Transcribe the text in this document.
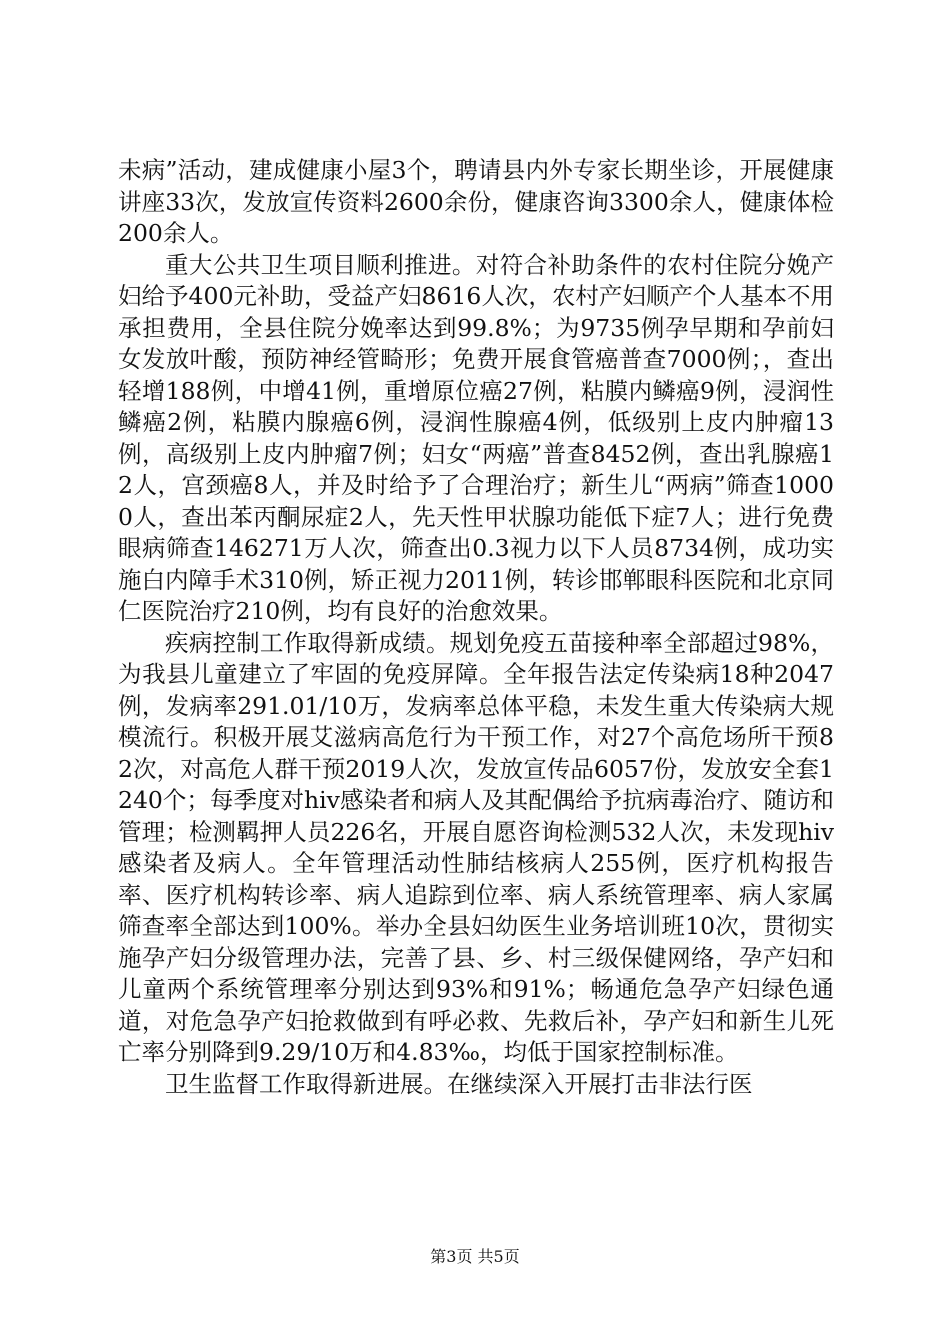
未病”活动，建成健康小屋3个，聘请县内外专家长期坐诊，开展健康讲座33次，发放宣传资料2600余份，健康咨询3300余人，健康体检200余人。

重大公共卫生项目顺利推进。对符合补助条件的农村住院分娩产妇给予400元补助，受益产妇8616人次，农村产妇顺产个人基本不用承担费用，全县住院分娩率达到99.8%；为9735例孕早期和孕前妇女发放叶酸，预防神经管畸形；免费开展食管癌普查7000例；，查出轻增188例，中增41例，重增原位癌27例，粘膜内鳞癌9例，浸润性鳞癌2例，粘膜内腺癌6例，浸润性腺癌4例，低级别上皮内肿瘤13例，高级别上皮内肿瘤7例；妇女“两癌”普查8452例，查出乳腺癌12人，宫颈癌8人，并及时给予了合理治疗；新生儿“两病”筛查10000人，查出苯丙酮尿症2人，先天性甲状腺功能低下症7人；进行免费眼病筛查146271万人次，筛查出0.3视力以下人员8734例，成功实施白内障手术310例，矫正视力2011例，转诊邯郸眼科医院和北京同仁医院治疗210例，均有良好的治愈效果。

疾病控制工作取得新成绩。规划免疫五苗接种率全部超过98%，为我县儿童建立了牢固的免疫屏障。全年报告法定传染病18种2047例，发病率291.01/10万，发病率总体平稳，未发生重大传染病大规模流行。积极开展艾滋病高危行为干预工作，对27个高危场所干预82次，对高危人群干预2019人次，发放宣传品6057份，发放安全套1240个；每季度对hiv感染者和病人及其配偶给予抗病毒治疗、随访和管理；检测羁押人员226名，开展自愿咨询检测532人次，未发现hiv感染者及病人。全年管理活动性肺结核病人255例，医疗机构报告率、医疗机构转诊率、病人追踪到位率、病人系统管理率、病人家属筛查率全部达到100%。举办全县妇幼医生业务培训班10次，贯彻实施孕产妇分级管理办法，完善了县、乡、村三级保健网络，孕产妇和儿童两个系统管理率分别达到93%和91%；畅通危急孕产妇绿色通道，对危急孕产妇抢救做到有呼必救、先救后补，孕产妇和新生儿死亡率分别降到9.29/10万和4.83‰，均低于国家控制标准。

卫生监督工作取得新进展。在继续深入开展打击非法行医

第3页 共5页
